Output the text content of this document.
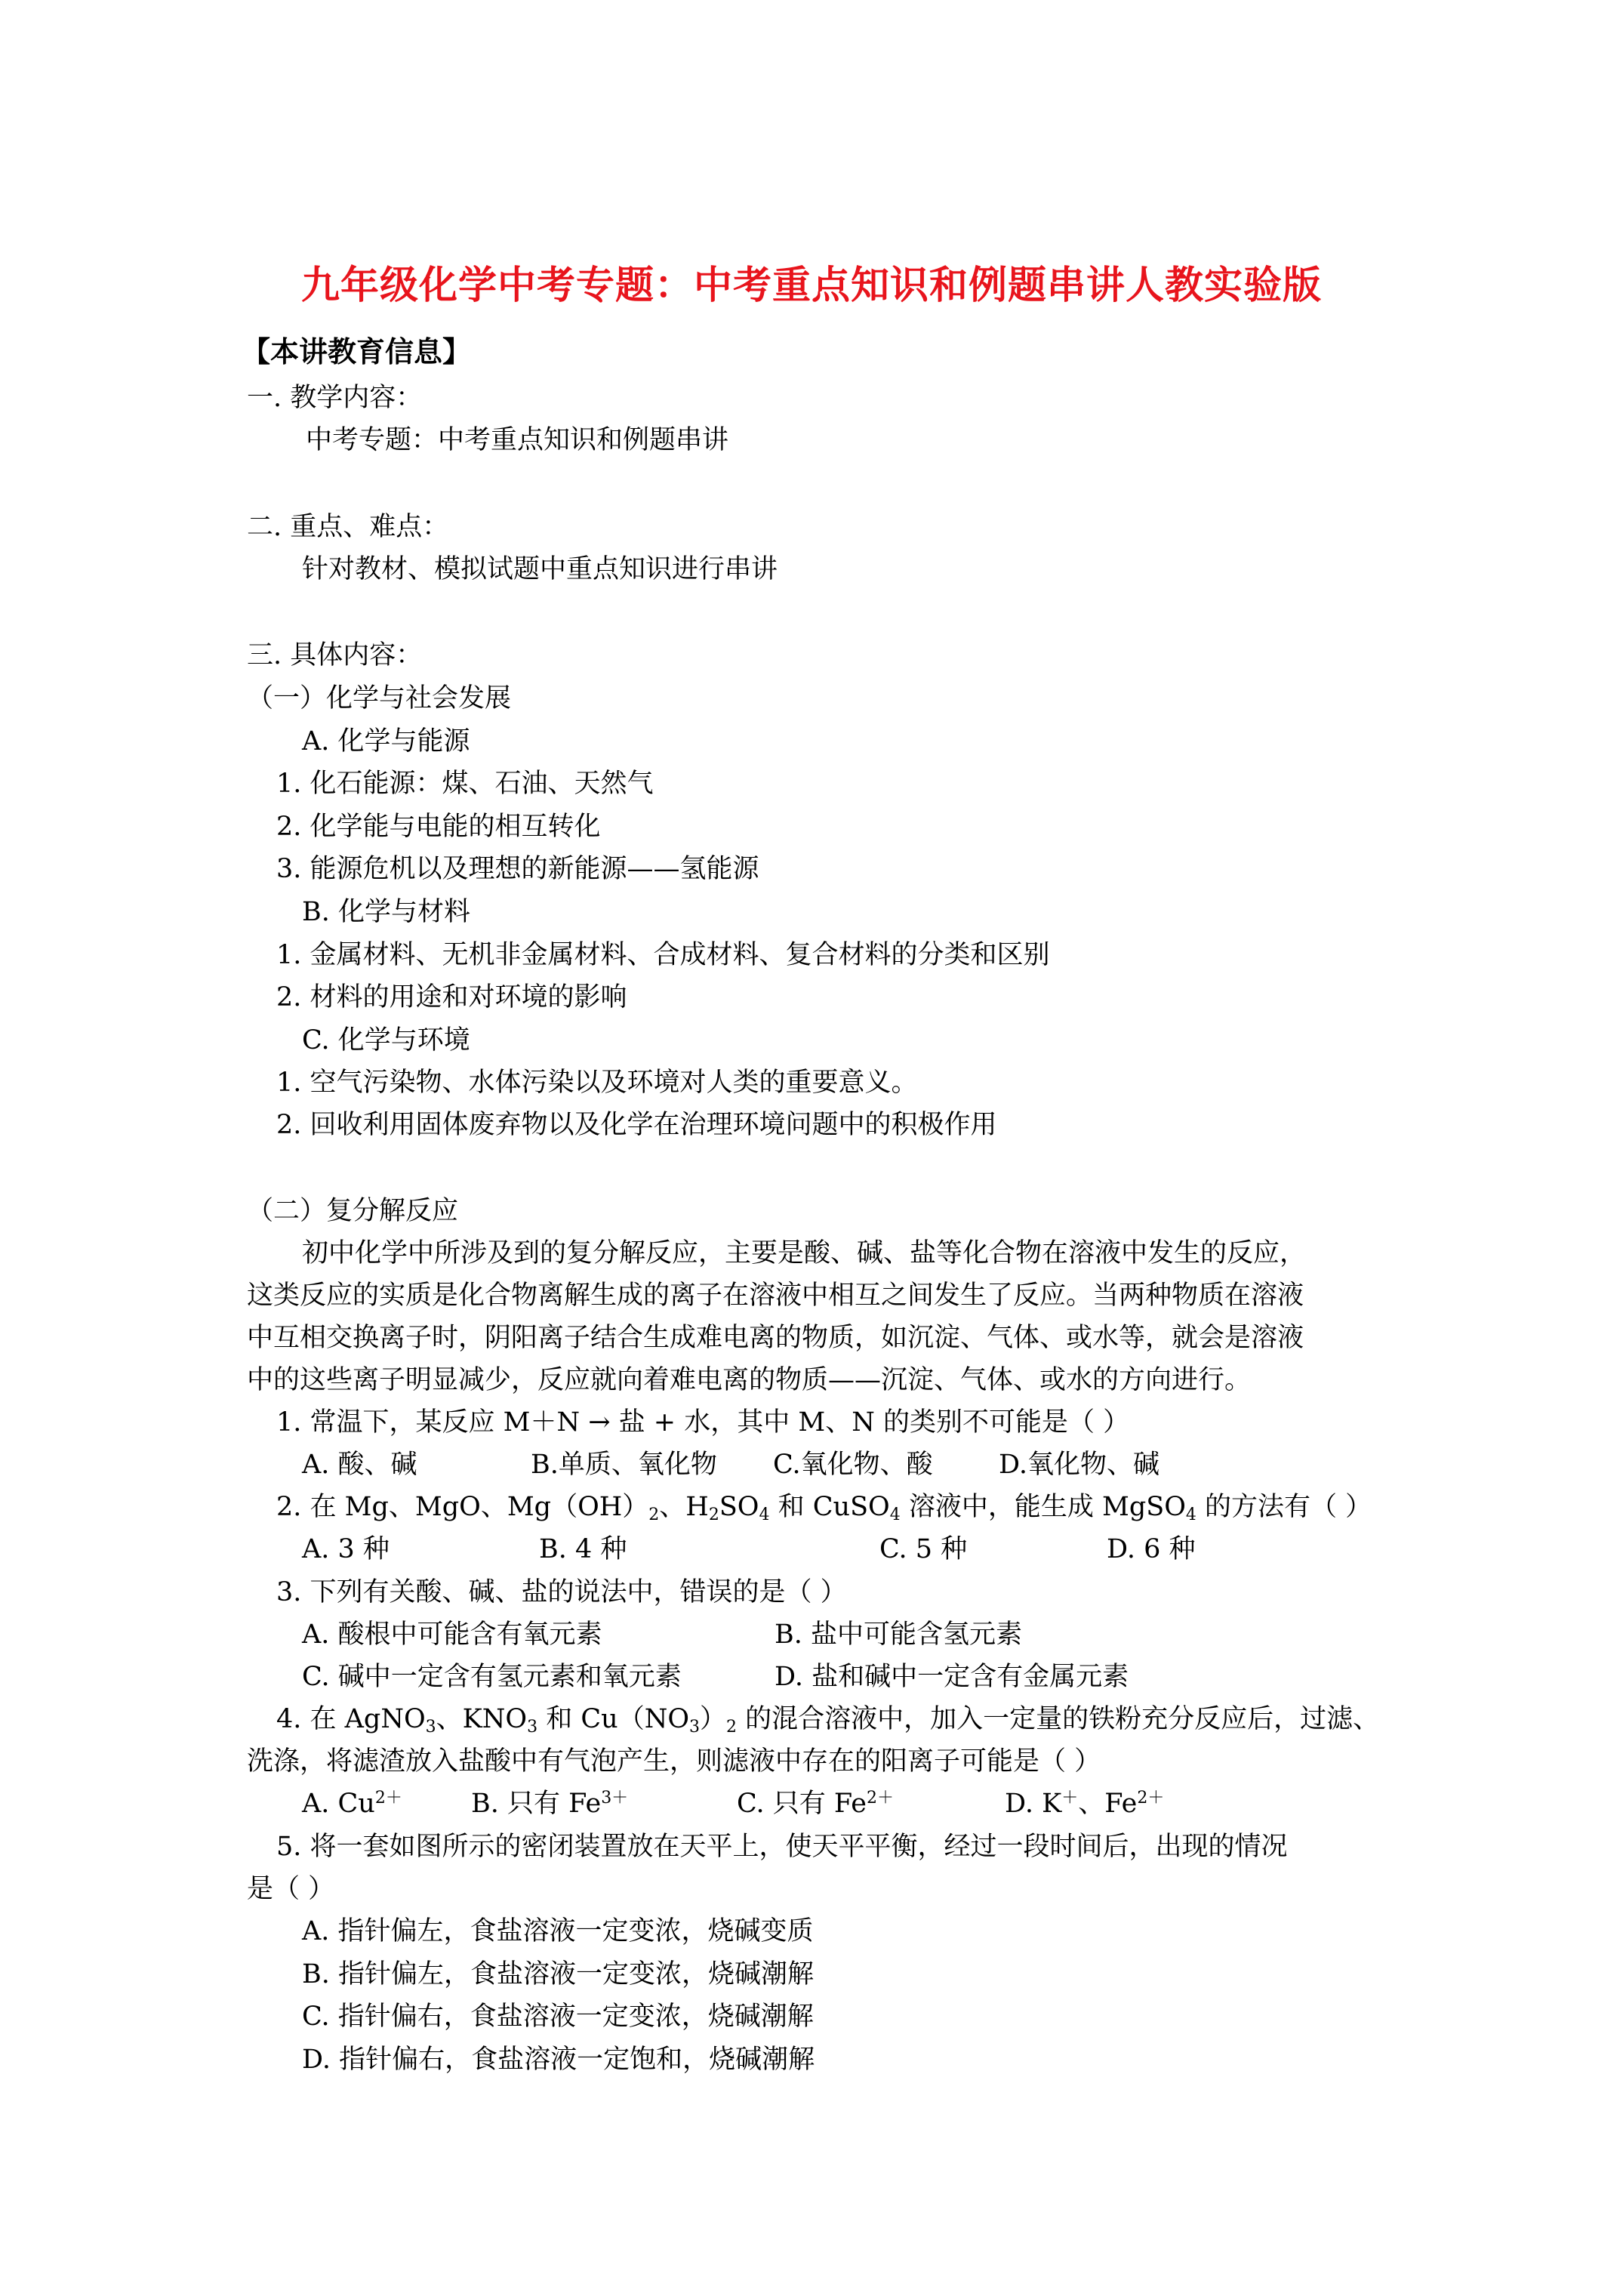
九年级化学中考专题：中考重点知识和例题串讲人教实验版
【本讲教育信息】
一. 教学内容：
中考专题：中考重点知识和例题串讲
二. 重点、难点：
针对教材、模拟试题中重点知识进行串讲
三. 具体内容：
（一）化学与社会发展
A. 化学与能源
1. 化石能源：煤、石油、天然气
2. 化学能与电能的相互转化
3. 能源危机以及理想的新能源——氢能源
B. 化学与材料
1. 金属材料、无机非金属材料、合成材料、复合材料的分类和区别
2. 材料的用途和对环境的影响
C. 化学与环境
1. 空气污染物、水体污染以及环境对人类的重要意义。
2. 回收利用固体废弃物以及化学在治理环境问题中的积极作用
（二）复分解反应
初中化学中所涉及到的复分解反应，主要是酸、碱、盐等化合物在溶液中发生的反应，
这类反应的实质是化合物离解生成的离子在溶液中相互之间发生了反应。当两种物质在溶液
中互相交换离子时，阴阳离子结合生成难电离的物质，如沉淀、气体、或水等，就会是溶液
中的这些离子明显减少，反应就向着难电离的物质——沉淀、气体、或水的方向进行。
1. 常温下，某反应 M＋N → 盐 + 水，其中 M、N 的类别不可能是（ ）
A. 酸、碱	B.单质、氧化物 C.氧化物、酸 D.氧化物、碱
2. 在 Mg、MgO、$Mg(OH)_2$、$H_2SO_4$ 和 CuSO$_4$ 溶液中，能生成 MgSO$_4$ 的方法有（ ）
A. 3 种	B. 4 种	C. 5 种	D. 6 种
3. 下列有关酸、碱、盐的说法中，错误的是（ ）
A. 酸根中可能含有氧元素	B. 盐中可能含氢元素
C. 碱中一定含有氢元素和氧元素	D. 盐和碱中一定含有金属元素
4. 在 AgNO$_3$、$KNO_3$ 和 $Cu(NO_3)_2$ 的混合溶液中，加入一定量的铁粉充分反应后，过滤、
洗涤，将滤渣放入盐酸中有气泡产生，则滤液中存在的阳离子可能是（ ）
A. $Cu^{2+}$	B. 只有 $Fe^{3+}$	C. 只有 $Fe^{2+}$	D. K＋、$Fe^{2+}$
5. 将一套如图所示的密闭装置放在天平上，使天平平衡，经过一段时间后，出现的情况
是（ ）
A. 指针偏左，食盐溶液一定变浓，烧碱变质
B. 指针偏左，食盐溶液一定变浓，烧碱潮解
C. 指针偏右，食盐溶液一定变浓，烧碱潮解
D. 指针偏右，食盐溶液一定饱和，烧碱潮解
